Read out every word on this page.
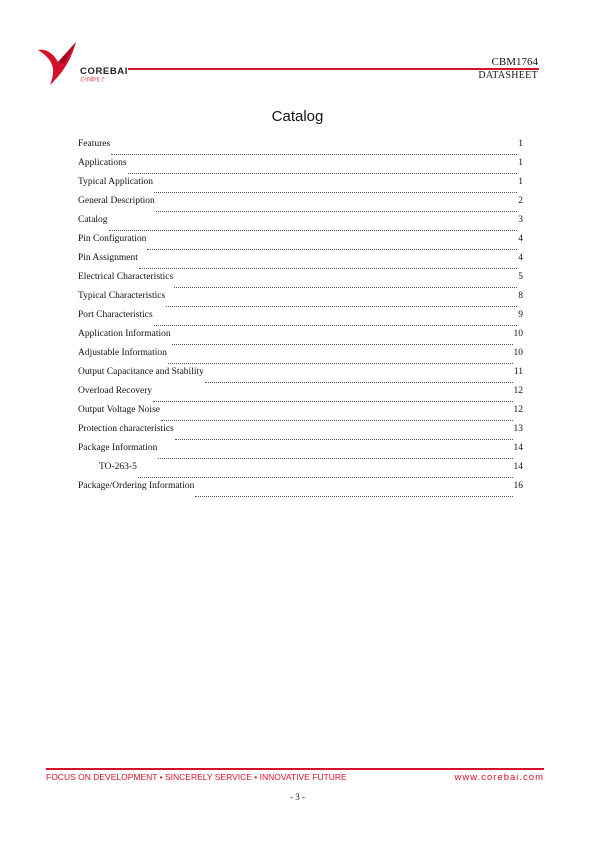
COREBAI
芯佰微电子
CBM1764
DATASHEET
Catalog
Features	1
Applications	1
Typical Application	1
General Description	2
Catalog	3
Pin Configuration	4
Pin Assignment	4
Electrical Characteristics	5
Typical Characteristics	8
Port Characteristics	9
Application Information	10
Adjustable Information	10
Output Capacitance and Stability	11
Overload Recovery	12
Output Voltage Noise	12
Protection characteristics	13
Package Information	14
TO-263-5	14
Package/Ordering Information	16
FOCUS ON DEVELOPMENT • SINCERELY SERVICE • INNOVATIVE FUTURE	www.corebai.com
- 3 -
